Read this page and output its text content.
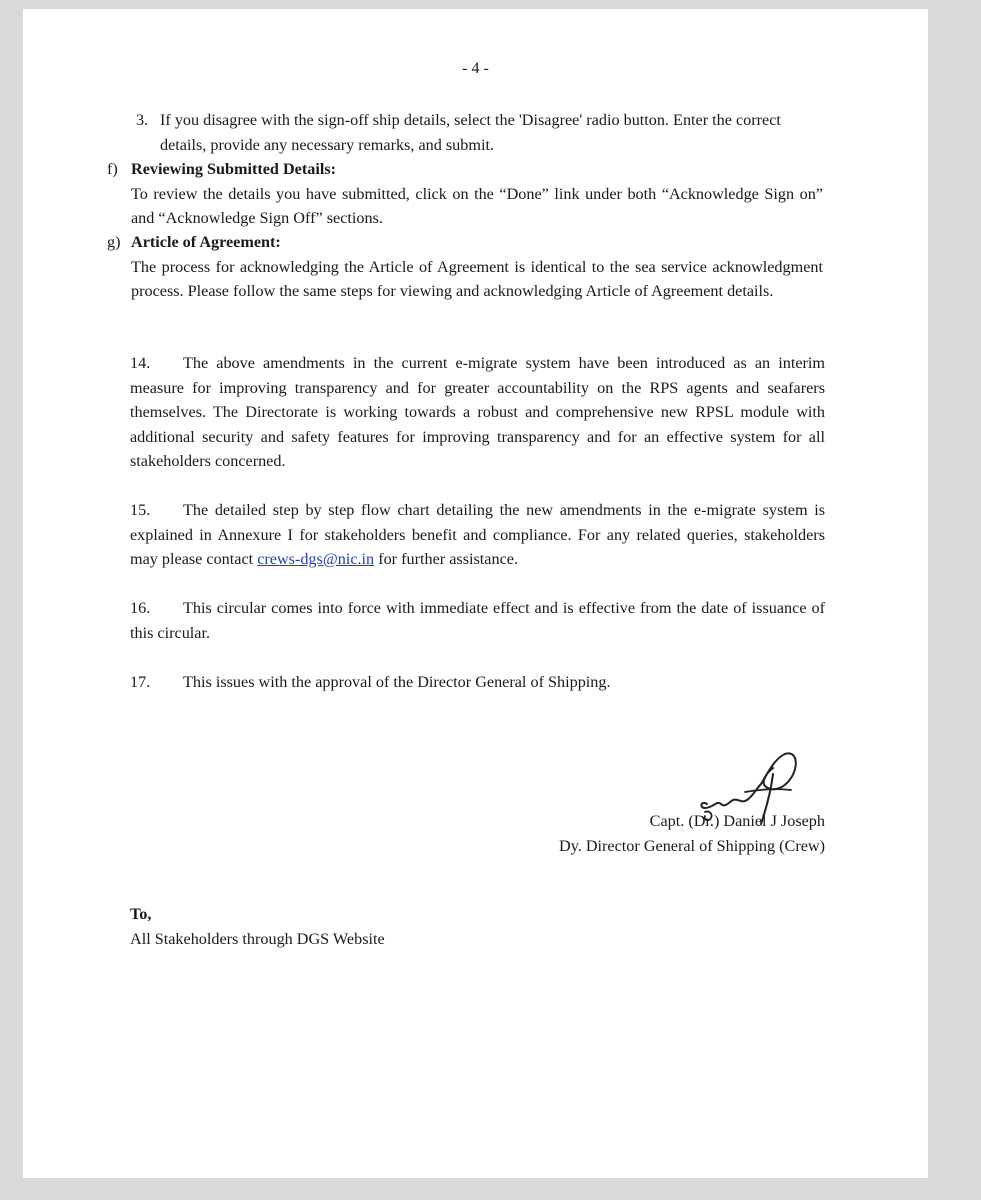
- 4 -
3. If you disagree with the sign-off ship details, select the 'Disagree' radio button. Enter the correct details, provide any necessary remarks, and submit.
f) Reviewing Submitted Details:
To review the details you have submitted, click on the “Done” link under both “Acknowledge Sign on” and “Acknowledge Sign Off” sections.
g) Article of Agreement:
The process for acknowledging the Article of Agreement is identical to the sea service acknowledgment process. Please follow the same steps for viewing and acknowledging Article of Agreement details.
14. The above amendments in the current e-migrate system have been introduced as an interim measure for improving transparency and for greater accountability on the RPS agents and seafarers themselves. The Directorate is working towards a robust and comprehensive new RPSL module with additional security and safety features for improving transparency and for an effective system for all stakeholders concerned.
15. The detailed step by step flow chart detailing the new amendments in the e-migrate system is explained in Annexure I for stakeholders benefit and compliance. For any related queries, stakeholders may please contact crews-dgs@nic.in for further assistance.
16. This circular comes into force with immediate effect and is effective from the date of issuance of this circular.
17. This issues with the approval of the Director General of Shipping.
Capt. (Dr.) Daniel J Joseph
Dy. Director General of Shipping (Crew)
To,
All Stakeholders through DGS Website
